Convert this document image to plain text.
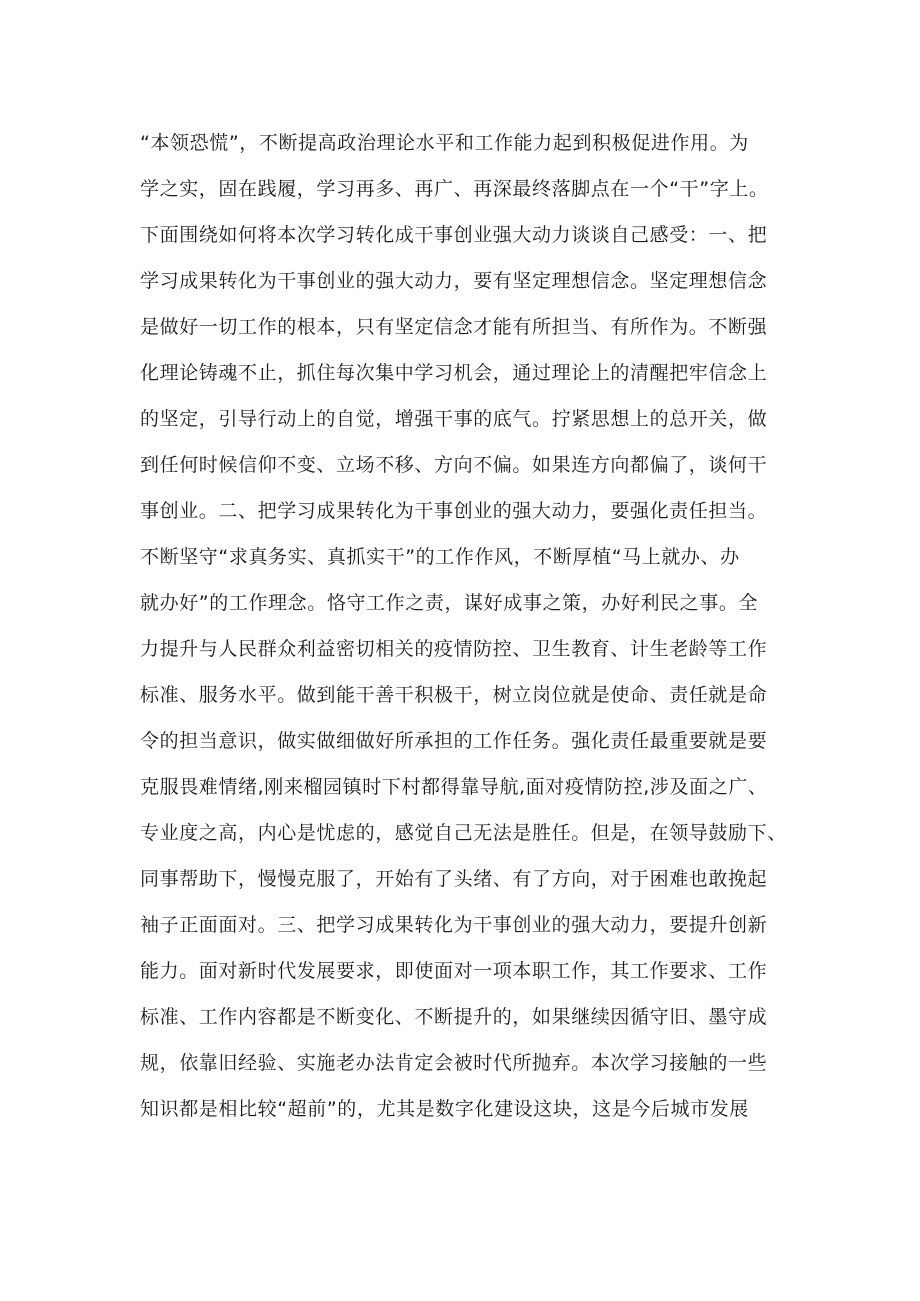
“本领恐慌”，不断提高政治理论水平和工作能力起到积极促进作用。为
学之实，固在践履，学习再多、再广、再深最终落脚点在一个“干”字上。
下面围绕如何将本次学习转化成干事创业强大动力谈谈自己感受：一、把
学习成果转化为干事创业的强大动力，要有坚定理想信念。坚定理想信念
是做好一切工作的根本，只有坚定信念才能有所担当、有所作为。不断强
化理论铸魂不止，抓住每次集中学习机会，通过理论上的清醒把牢信念上
的坚定，引导行动上的自觉，增强干事的底气。拧紧思想上的总开关，做
到任何时候信仰不变、立场不移、方向不偏。如果连方向都偏了，谈何干
事创业。二、把学习成果转化为干事创业的强大动力，要强化责任担当。
不断坚守“求真务实、真抓实干”的工作作风，不断厚植“马上就办、办
就办好”的工作理念。恪守工作之责，谋好成事之策，办好利民之事。全
力提升与人民群众利益密切相关的疫情防控、卫生教育、计生老龄等工作
标准、服务水平。做到能干善干积极干，树立岗位就是使命、责任就是命
令的担当意识，做实做细做好所承担的工作任务。强化责任最重要就是要
克服畏难情绪,刚来榴园镇时下村都得靠导航,面对疫情防控,涉及面之广、
专业度之高，内心是忧虑的，感觉自己无法是胜任。但是，在领导鼓励下、
同事帮助下，慢慢克服了，开始有了头绪、有了方向，对于困难也敢挽起
袖子正面面对。三、把学习成果转化为干事创业的强大动力，要提升创新
能力。面对新时代发展要求，即使面对一项本职工作，其工作要求、工作
标准、工作内容都是不断变化、不断提升的，如果继续因循守旧、墨守成
规，依靠旧经验、实施老办法肯定会被时代所抛弃。本次学习接触的一些
知识都是相比较“超前”的，尤其是数字化建设这块，这是今后城市发展
